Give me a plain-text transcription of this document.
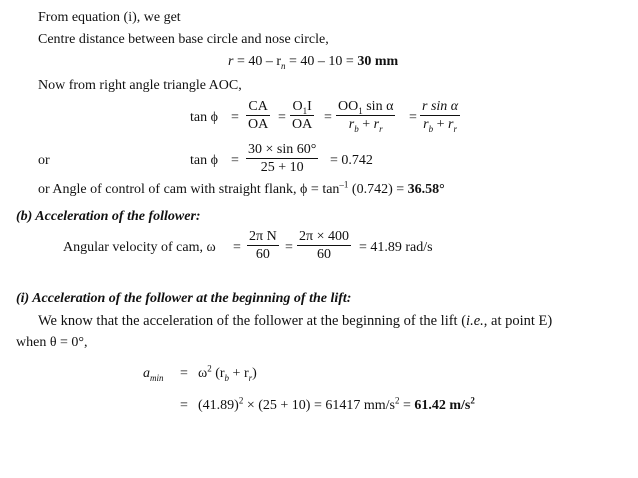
From equation (i), we get
Centre distance between base circle and nose circle,
$r = 40 - r_n = 40 - 10 = 30$ mm
Now from right angle triangle AOC,
tan ϕ =
CA
OA =
$O_1I$
OA =
$OO_1$ sin α
$r_b + r_r$
=
r sin α
$r_b + r_r$
or	tan ϕ =
30 × sin 60°
25 + 10 = 0.742
or Angle of control of cam with straight flank, $\phi = \tan^{-1} (0.742) = 36.58^\circ$
(b) Acceleration of the follower:
Angular velocity of cam, ω =
2π N
60 =
2π × 400
60 = 41.89 rad/s
(i) Acceleration of the follower at the beginning of the lift:
We know that the acceleration of the follower at the beginning of the lift (i.e., at point E)
when θ = 0°,
$a_{min} = \omega^2$ $(r_b + r_r)$
= $(41.89)^2 \times (25 + 10) = 61417$ $mm/s^2 = 61.42$ $m/s^2$
